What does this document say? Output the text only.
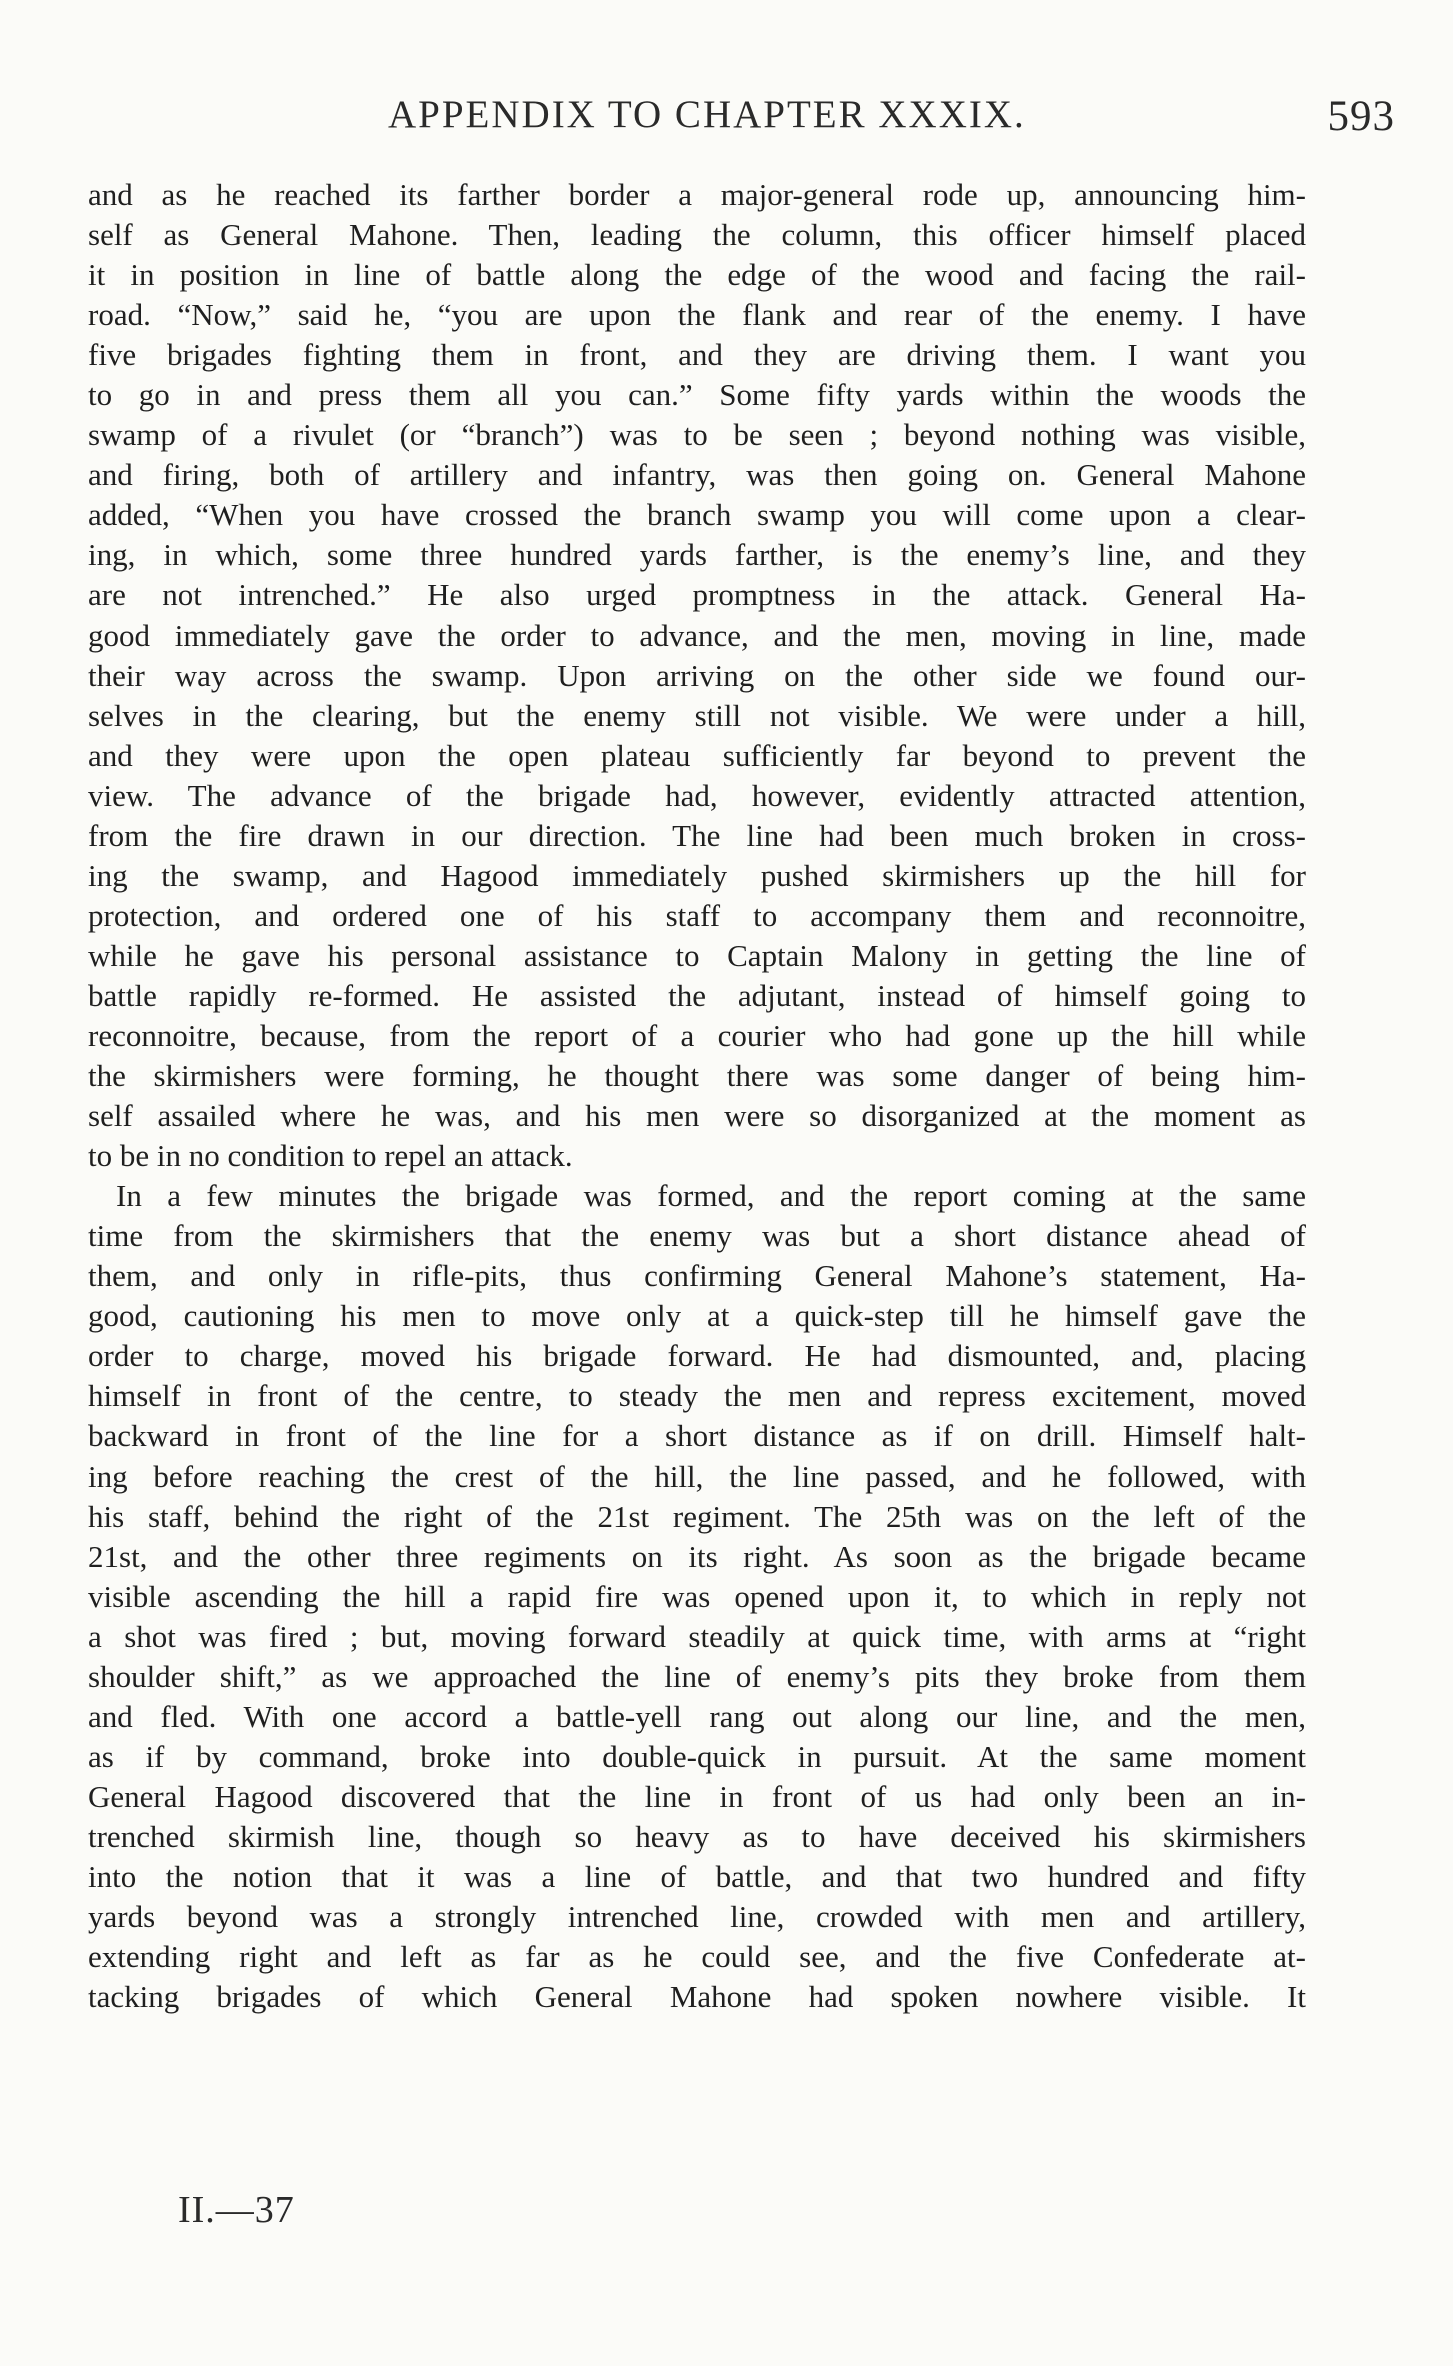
APPENDIX TO CHAPTER XXXIX.	593

and as he reached its farther border a major-general rode up, announcing him-
self as General Mahone. Then, leading the column, this officer himself placed
it in position in line of battle along the edge of the wood and facing the rail-
road. “Now,” said he, “you are upon the flank and rear of the enemy. I have
five brigades fighting them in front, and they are driving them. I want you
to go in and press them all you can.” Some fifty yards within the woods the
swamp of a rivulet (or “branch”) was to be seen ; beyond nothing was visible,
and firing, both of artillery and infantry, was then going on. General Mahone
added, “When you have crossed the branch swamp you will come upon a clear-
ing, in which, some three hundred yards farther, is the enemy’s line, and they
are not intrenched.” He also urged promptness in the attack. General Ha-
good immediately gave the order to advance, and the men, moving in line, made
their way across the swamp. Upon arriving on the other side we found our-
selves in the clearing, but the enemy still not visible. We were under a hill,
and they were upon the open plateau sufficiently far beyond to prevent the
view. The advance of the brigade had, however, evidently attracted attention,
from the fire drawn in our direction. The line had been much broken in cross-
ing the swamp, and Hagood immediately pushed skirmishers up the hill for
protection, and ordered one of his staff to accompany them and reconnoitre,
while he gave his personal assistance to Captain Malony in getting the line of
battle rapidly re-formed. He assisted the adjutant, instead of himself going to
reconnoitre, because, from the report of a courier who had gone up the hill while
the skirmishers were forming, he thought there was some danger of being him-
self assailed where he was, and his men were so disorganized at the moment as
to be in no condition to repel an attack.

In a few minutes the brigade was formed, and the report coming at the same
time from the skirmishers that the enemy was but a short distance ahead of
them, and only in rifle-pits, thus confirming General Mahone’s statement, Ha-
good, cautioning his men to move only at a quick-step till he himself gave the
order to charge, moved his brigade forward. He had dismounted, and, placing
himself in front of the centre, to steady the men and repress excitement, moved
backward in front of the line for a short distance as if on drill. Himself halt-
ing before reaching the crest of the hill, the line passed, and he followed, with
his staff, behind the right of the 21st regiment. The 25th was on the left of the
21st, and the other three regiments on its right. As soon as the brigade became
visible ascending the hill a rapid fire was opened upon it, to which in reply not
a shot was fired ; but, moving forward steadily at quick time, with arms at “right
shoulder shift,” as we approached the line of enemy’s pits they broke from them
and fled. With one accord a battle-yell rang out along our line, and the men,
as if by command, broke into double-quick in pursuit. At the same moment
General Hagood discovered that the line in front of us had only been an in-
trenched skirmish line, though so heavy as to have deceived his skirmishers
into the notion that it was a line of battle, and that two hundred and fifty
yards beyond was a strongly intrenched line, crowded with men and artillery,
extending right and left as far as he could see, and the five Confederate at-
tacking brigades of which General Mahone had spoken nowhere visible. It

II.—37
